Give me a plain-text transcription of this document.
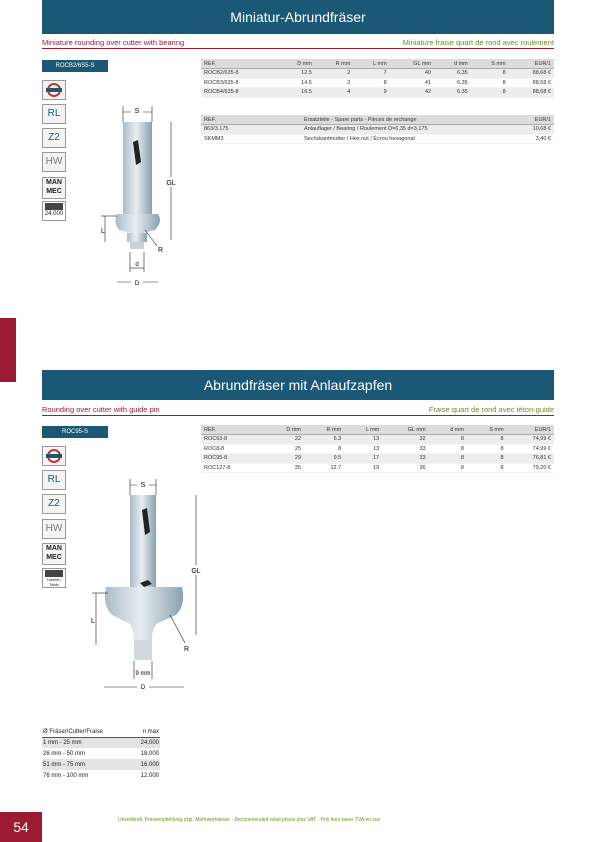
Miniatur-Abrundfräser
Miniature rounding over cutter with bearing	Miniature fraise quart de rond avec roulement
ROCB2/6S5-S
RL
Z2
HW
MAN
MEC
24.000
S
GL
L
R
d
D
REF.	D mm	R mm	L mm	GL mm	d mm	S mm	EUR/1
ROCB2/635-8	12.5	2	7	40	6.35	8	88,68 €
ROCB3/635-8	14.5	3	8	41	6.35	8	88,68 €
ROCB4/635-8	16.5	4	9	42	6.35	8	88,68 €
REF.	Ersatzteile - Spare parts - Pièces de rechange	EUR/1
863/3.175	Anlauflager / Bearing / Roulement D=6,35 d=3,175	10,68 €
SKMM3	Sechskantmutter / Hex nut / Écrou hexagonal	3,40 €
Abrundfräser mit Anlaufzapfen
Rounding over cutter with guide pin	Fraise quart de rond avec téton-guide
ROC95-S
RL
Z2
HW
MAN
MEC
Tabelle / Table
S
GL
L
R
9 mm
D
REF.	D mm	R mm	L mm	GL mm	d mm	S mm	EUR/1
ROC63-8	22	6.3	13	32	8	8	74,99 €
ROC8-8	25	8	13	33	8	8	74,99 €
ROC95-8	29	9.5	17	33	8	8	76,81 €
ROC127-8	35	12.7	19	36	8	8	79,20 €
Ø Fräser/Cutter/Fraise	n max
1 mm - 25 mm	24.000
26 mm - 50 mm	18.000
51 mm - 75 mm	16.000
76 mm - 100 mm	12.000
54	Unverbindl. Preisempfehlung zzgl. Mehrwertsteuer - Recommended retail prices plus VAT - Prix hors taxes TVA en sus
